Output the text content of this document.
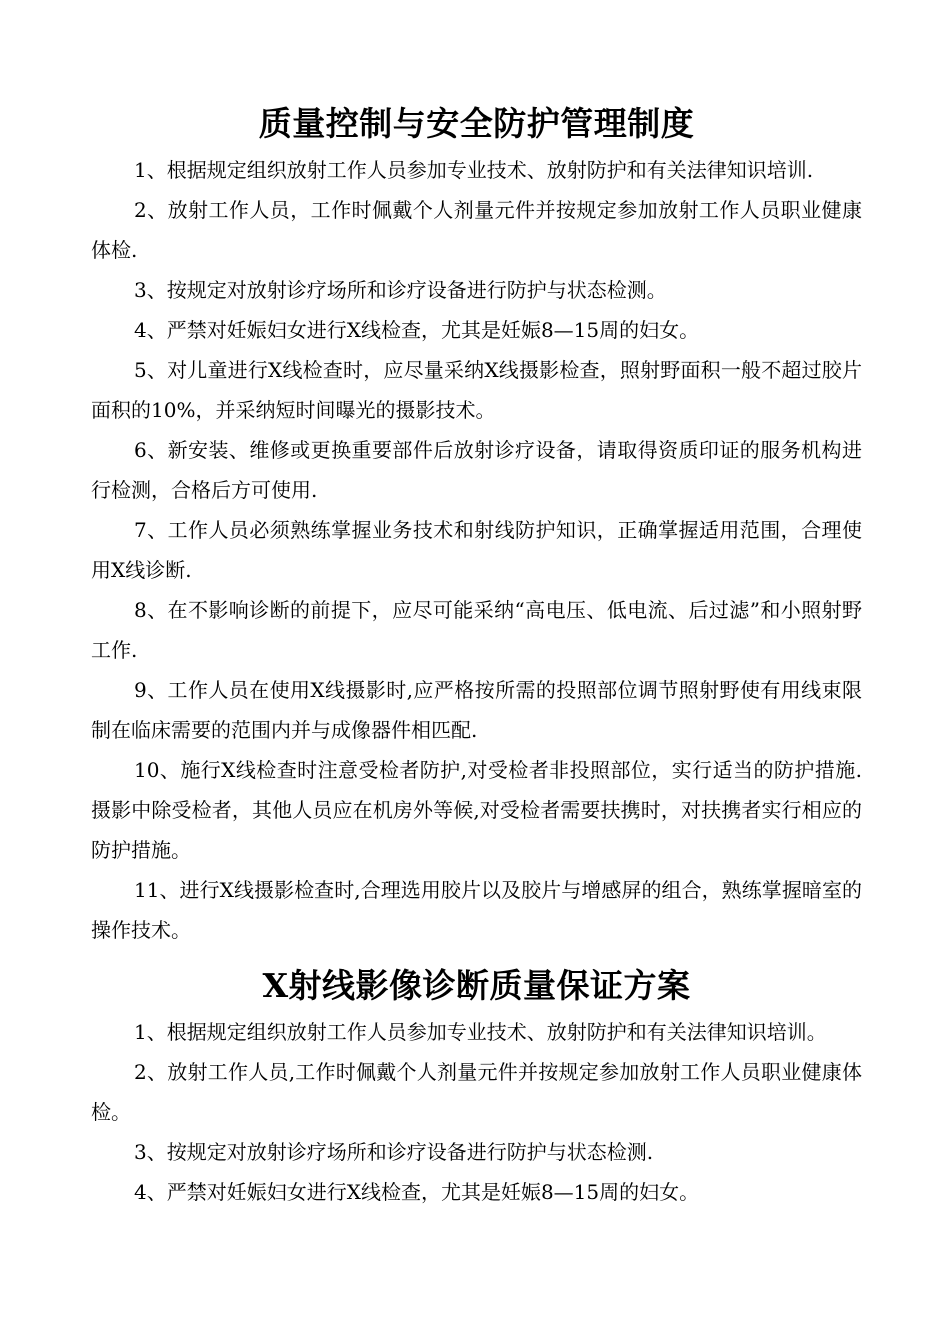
质量控制与安全防护管理制度

1、根据规定组织放射工作人员参加专业技术、放射防护和有关法律知识培训.

2、放射工作人员，工作时佩戴个人剂量元件并按规定参加放射工作人员职业健康体检.

3、按规定对放射诊疗场所和诊疗设备进行防护与状态检测。

4、严禁对妊娠妇女进行X线检查，尤其是妊娠8—15周的妇女。

5、对儿童进行X线检查时，应尽量采纳X线摄影检查，照射野面积一般不超过胶片面积的10%，并采纳短时间曝光的摄影技术。

6、新安装、维修或更换重要部件后放射诊疗设备，请取得资质印证的服务机构进行检测，合格后方可使用.

7、工作人员必须熟练掌握业务技术和射线防护知识，正确掌握适用范围，合理使用X线诊断.

8、在不影响诊断的前提下，应尽可能采纳“高电压、低电流、后过滤”和小照射野工作.

9、工作人员在使用X线摄影时,应严格按所需的投照部位调节照射野使有用线束限制在临床需要的范围内并与成像器件相匹配.

10、施行X线检查时注意受检者防护,对受检者非投照部位，实行适当的防护措施.摄影中除受检者，其他人员应在机房外等候,对受检者需要扶携时，对扶携者实行相应的防护措施。

11、进行X线摄影检查时,合理选用胶片以及胶片与增感屏的组合，熟练掌握暗室的操作技术。

X射线影像诊断质量保证方案

1、根据规定组织放射工作人员参加专业技术、放射防护和有关法律知识培训。

2、放射工作人员,工作时佩戴个人剂量元件并按规定参加放射工作人员职业健康体检。

3、按规定对放射诊疗场所和诊疗设备进行防护与状态检测.

4、严禁对妊娠妇女进行X线检查，尤其是妊娠8—15周的妇女。
